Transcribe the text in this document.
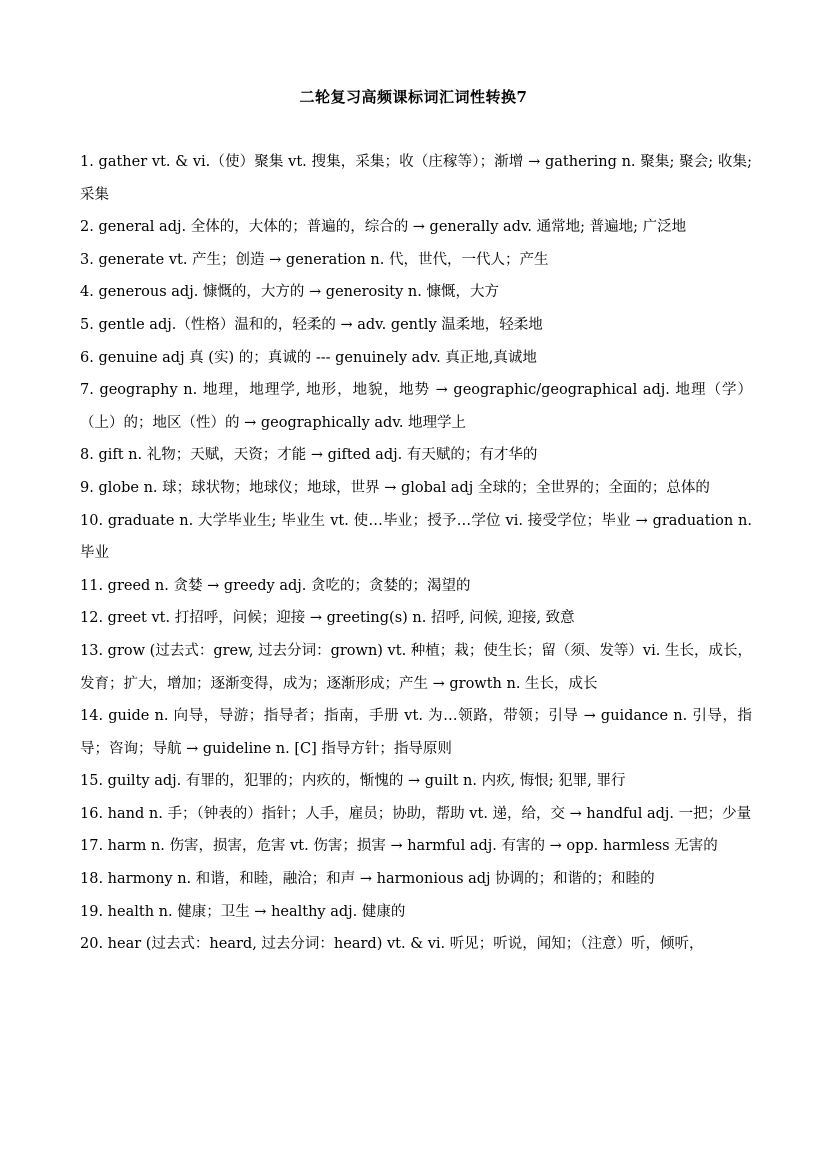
二轮复习高频课标词汇词性转换7

1. gather vt. & vi.（使）聚集 vt. 搜集，采集；收（庄稼等）；渐增 → gathering n. 聚集; 聚会; 收集; 采集

2. general adj. 全体的，大体的；普遍的，综合的 → generally adv. 通常地; 普遍地; 广泛地

3. generate vt. 产生；创造 → generation n. 代，世代，一代人；产生

4. generous adj. 慷慨的，大方的 → generosity n. 慷慨，大方

5. gentle adj.（性格）温和的，轻柔的 → adv. gently 温柔地，轻柔地

6. genuine adj 真 (实) 的；真诚的 --- genuinely adv. 真正地,真诚地

7. geography n. 地理，地理学, 地形，地貌，地势 → geographic/geographical adj. 地理（学）（上）的；地区（性）的 → geographically adv. 地理学上

8. gift n. 礼物；天赋，天资；才能 → gifted adj. 有天赋的；有才华的

9. globe n. 球；球状物；地球仪；地球，世界 → global adj 全球的；全世界的；全面的；总体的

10. graduate n. 大学毕业生; 毕业生 vt. 使…毕业；授予…学位 vi. 接受学位；毕业 → graduation n. 毕业

11. greed n. 贪婪 → greedy adj. 贪吃的；贪婪的；渴望的

12. greet vt. 打招呼，问候；迎接 → greeting(s) n. 招呼, 问候, 迎接, 致意

13. grow (过去式：grew, 过去分词：grown) vt. 种植；栽；使生长；留（须、发等）vi. 生长，成长，发育；扩大，增加；逐渐变得，成为；逐渐形成；产生 → growth n. 生长，成长

14. guide n. 向导，导游；指导者；指南，手册 vt. 为…领路，带领；引导 → guidance n. 引导，指导；咨询；导航 → guideline n. [C] 指导方针；指导原则

15. guilty adj. 有罪的，犯罪的；内疚的，惭愧的 → guilt n. 内疚, 悔恨; 犯罪, 罪行

16. hand n. 手；（钟表的）指针；人手，雇员；协助，帮助 vt. 递，给，交 → handful adj. 一把；少量

17. harm n. 伤害，损害，危害 vt. 伤害；损害 → harmful adj. 有害的 → opp. harmless 无害的

18. harmony n. 和谐，和睦，融洽；和声 → harmonious adj 协调的；和谐的；和睦的

19. health n. 健康；卫生 → healthy adj. 健康的

20. hear (过去式：heard, 过去分词：heard) vt. & vi. 听见；听说，闻知；（注意）听，倾听，
